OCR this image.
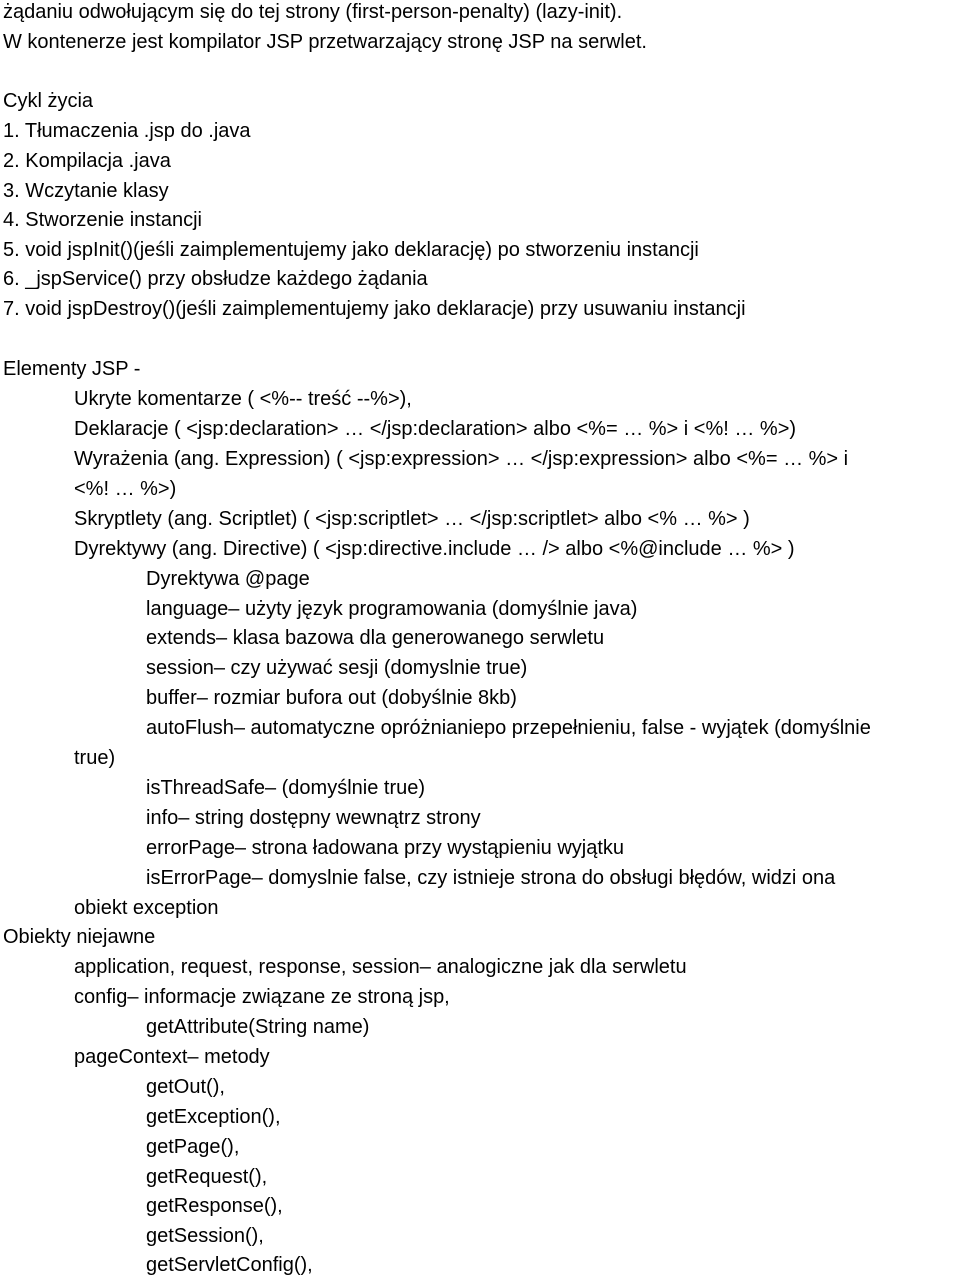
żądaniu odwołującym się do tej strony (first-person-penalty) (lazy-init).
W kontenerze jest kompilator JSP przetwarzający stronę JSP na serwlet.
Cykl życia
1. Tłumaczenia .jsp do .java
2. Kompilacja .java
3. Wczytanie klasy
4. Stworzenie instancji
5. void jspInit()(jeśli zaimplementujemy jako deklarację) po stworzeniu instancji
6. _jspService() przy obsłudze każdego żądania
7. void jspDestroy()(jeśli zaimplementujemy jako deklaracje) przy usuwaniu instancji
Elementy JSP -
Ukryte komentarze ( <%-- treść --%>),
Deklaracje ( <jsp:declaration> … </jsp:declaration> albo <%= … %> i <%! … %>)
Wyrażenia (ang. Expression) ( <jsp:expression> … </jsp:expression> albo <%= … %> i
<%! … %>)
Skryptlety (ang. Scriptlet) ( <jsp:scriptlet> … </jsp:scriptlet> albo <% … %> )
Dyrektywy (ang. Directive) ( <jsp:directive.include … /> albo <%@include … %> )
Dyrektywa @page
language– użyty język programowania (domyślnie java)
extends– klasa bazowa dla generowanego serwletu
session– czy używać sesji (domyslnie true)
buffer– rozmiar bufora out (dobyślnie 8kb)
autoFlush– automatyczne opróżnianiepo przepełnieniu, false - wyjątek (domyślnie
true)
isThreadSafe– (domyślnie true)
info– string dostępny wewnątrz strony
errorPage– strona ładowana przy wystąpieniu wyjątku
isErrorPage– domyslnie false, czy istnieje strona do obsługi błędów, widzi ona
obiekt exception
Obiekty niejawne
application, request, response, session– analogiczne jak dla serwletu
config– informacje związane ze stroną jsp,
getAttribute(String name)
pageContext– metody
getOut(),
getException(),
getPage(),
getRequest(),
getResponse(),
getSession(),
getServletConfig(),
